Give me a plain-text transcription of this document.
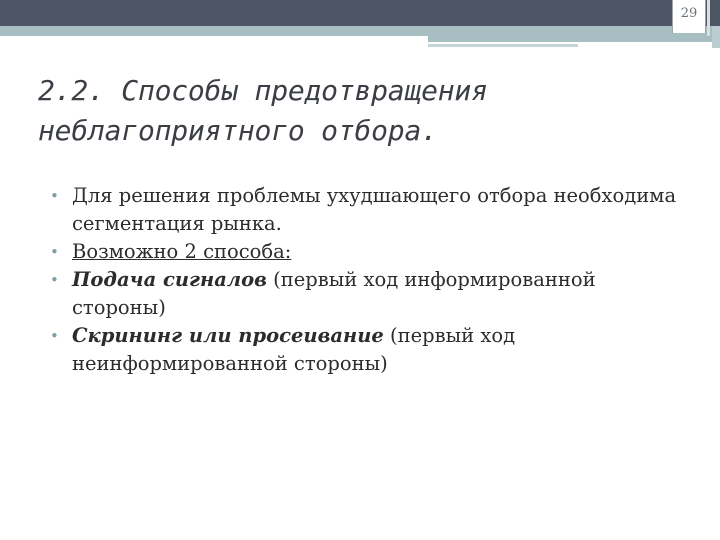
29
2.2. Способы предотвращения неблагоприятного отбора.
• Для решения проблемы ухудшающего отбора необходима сегментация рынка.
• Возможно 2 способа:
• Подача сигналов (первый ход информированной стороны)
• Скрининг или просеивание (первый ход неинформированной стороны)
